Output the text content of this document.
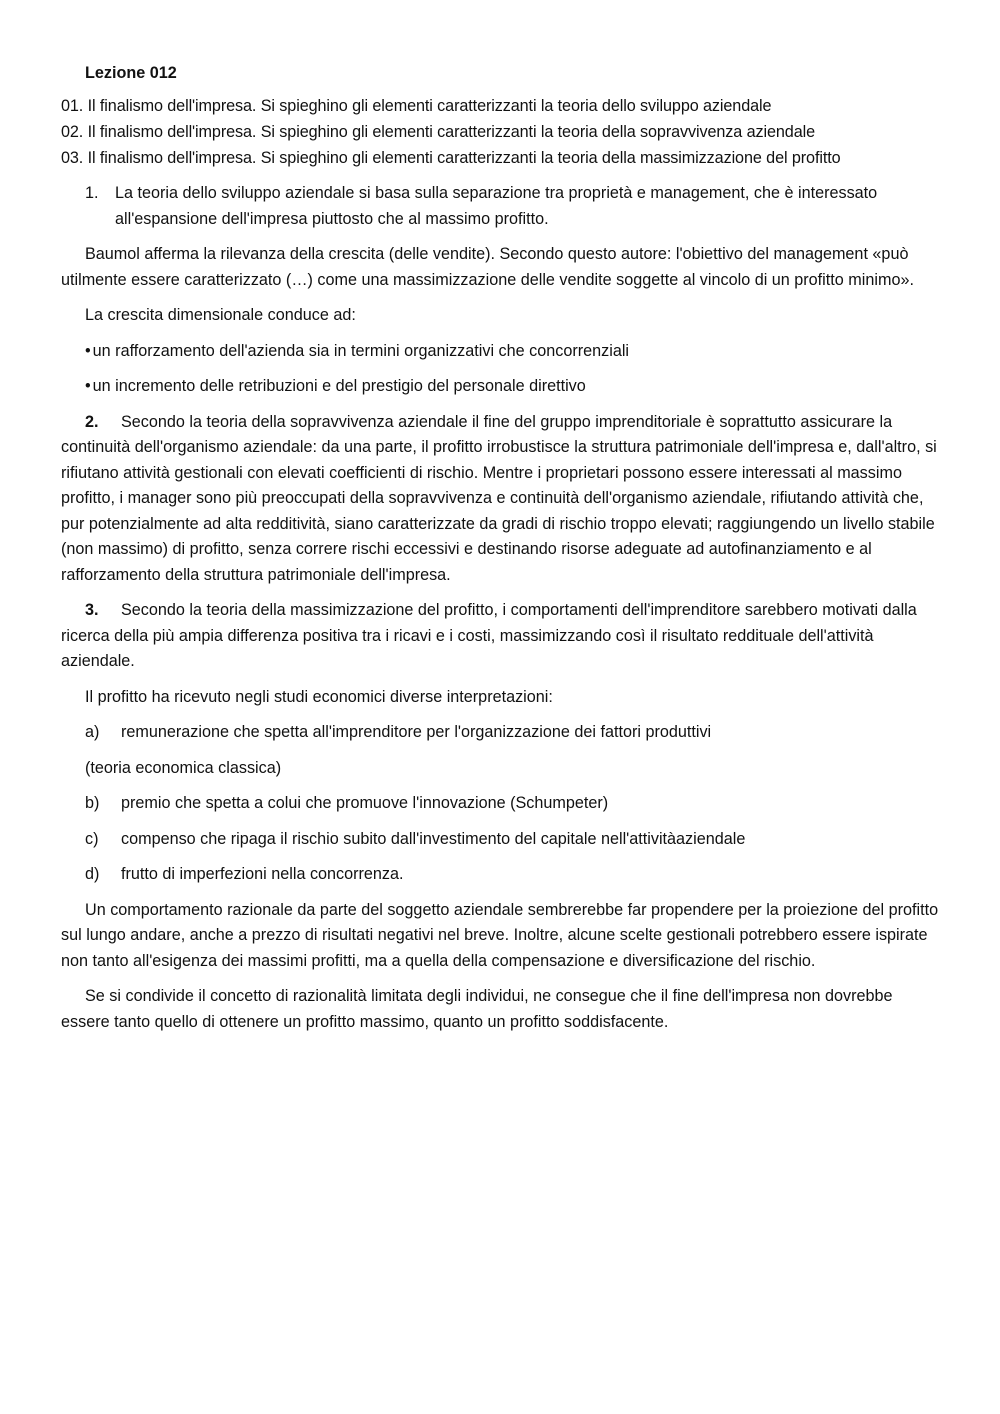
Lezione 012

01. Il finalismo dell'impresa. Si spieghino gli elementi caratterizzanti la teoria dello sviluppo aziendale

02. Il finalismo dell'impresa. Si spieghino gli elementi caratterizzanti la teoria della sopravvivenza aziendale

03. Il finalismo dell'impresa. Si spieghino gli elementi caratterizzanti la teoria della massimizzazione del profitto

1.	La teoria dello sviluppo aziendale si basa sulla separazione tra proprietà e management, che è interessato all'espansione dell'impresa piuttosto che al massimo profitto.

Baumol afferma la rilevanza della crescita (delle vendite). Secondo questo autore: l'obiettivo del management «può utilmente essere caratterizzato (…) come una massimizzazione delle vendite soggette al vincolo di un profitto minimo».

La crescita dimensionale conduce ad:

• un rafforzamento dell'azienda sia in termini organizzativi che concorrenziali
• un incremento delle retribuzioni e del prestigio del personale direttivo

2. Secondo la teoria della sopravvivenza aziendale il fine del gruppo imprenditoriale è soprattutto assicurare la continuità dell'organismo aziendale: da una parte, il profitto irrobustisce la struttura patrimoniale dell'impresa e, dall'altro, si rifiutano attività gestionali con elevati coefficienti di rischio. Mentre i proprietari possono essere interessati al massimo profitto, i manager sono più preoccupati della sopravvivenza e continuità dell'organismo aziendale, rifiutando attività che, pur potenzialmente ad alta redditività, siano caratterizzate da gradi di rischio troppo elevati; raggiungendo un livello stabile (non massimo) di profitto, senza correre rischi eccessivi e destinando risorse adeguate ad autofinanziamento e al rafforzamento della struttura patrimoniale dell'impresa.

3. Secondo la teoria della massimizzazione del profitto, i comportamenti dell'imprenditore sarebbero motivati dalla ricerca della più ampia differenza positiva tra i ricavi e i costi, massimizzando così il risultato reddituale dell'attività aziendale.

Il profitto ha ricevuto negli studi economici diverse interpretazioni:

a)	remunerazione che spetta all'imprenditore per l'organizzazione dei fattori produttivi
(teoria economica classica)
b)	premio che spetta a colui che promuove l'innovazione (Schumpeter)
c)	compenso che ripaga il rischio subito dall'investimento del capitale nell'attivitàaziendale
d)	frutto di imperfezioni nella concorrenza.

Un comportamento razionale da parte del soggetto aziendale sembrerebbe far propendere per la proiezione del profitto sul lungo andare, anche a prezzo di risultati negativi nel breve. Inoltre, alcune scelte gestionali potrebbero essere ispirate non tanto all'esigenza dei massimi profitti, ma a quella della compensazione e diversificazione del rischio.

Se si condivide il concetto di razionalità limitata degli individui, ne consegue che il fine dell'impresa non dovrebbe essere tanto quello di ottenere un profitto massimo, quanto un profitto soddisfacente.
